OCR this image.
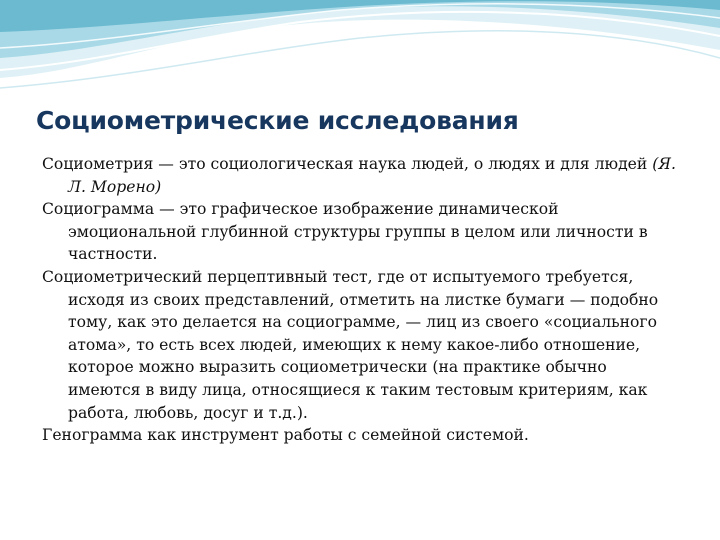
Социометрические исследования

Социометрия — это социологическая наука людей, о людях и для людей (Я. Л. Морено)

Социограмма — это графическое изображение динамической эмоциональной глубинной структуры группы в целом или личности в частности.

Социометрический перцептивный тест, где от испытуемого требуется, исходя из своих представлений, отметить на листке бумаги — подобно тому, как это делается на социограмме, — лиц из своего «социального атома», то есть всех людей, имеющих к нему какое-либо отношение, которое можно выразить социометрически (на практике обычно имеются в виду лица, относящиеся к таким тестовым критериям, как работа, любовь, досуг и т.д.).

Генограмма как инструмент работы с семейной системой.
